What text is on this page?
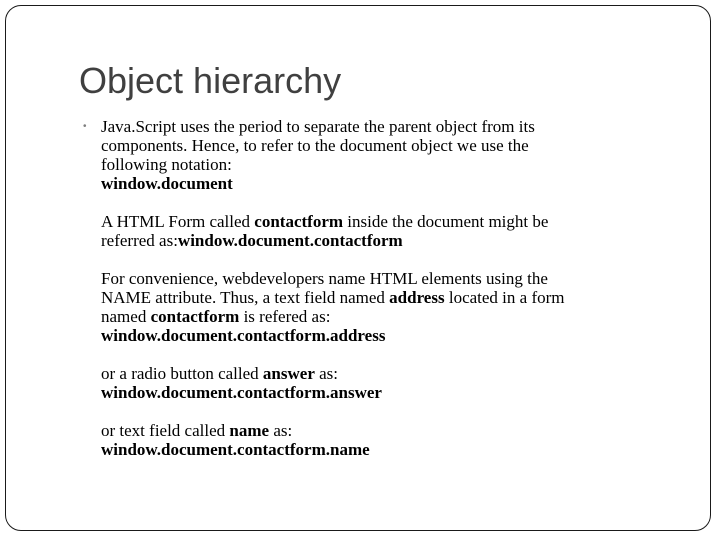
Object hierarchy
• Java.Script uses the period to separate the parent object from its

components. Hence, to refer to the document object we use the

following notation:

window.document

A HTML Form called contactform inside the document might be

referred as:window.document.contactform

For convenience, webdevelopers name HTML elements using the

NAME attribute. Thus, a text field named address located in a form

named contactform is refered as:

window.document.contactform.address

or a radio button called answer as:

window.document.contactform.answer

or text field called name as:

window.document.contactform.name
